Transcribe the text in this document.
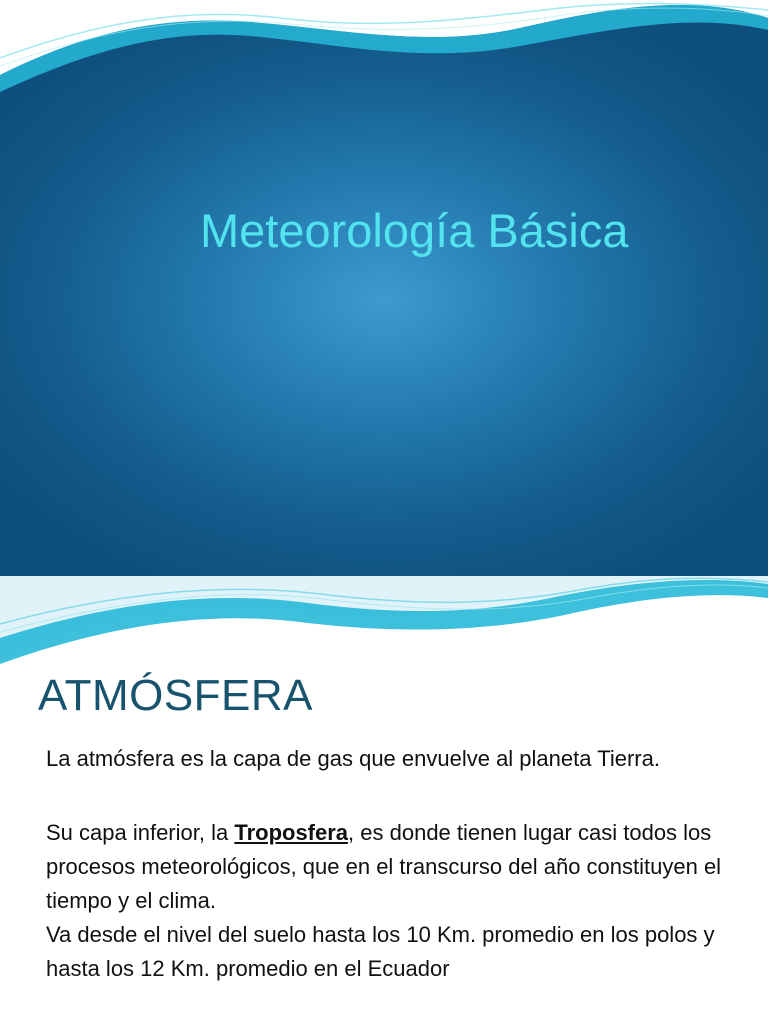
Meteorología Básica
ATMÓSFERA

La atmósfera es la capa de gas que envuelve al planeta Tierra.

Su capa inferior, la Troposfera, es donde tienen lugar casi todos los procesos meteorológicos, que en el transcurso del año constituyen el tiempo y el clima.

Va desde el nivel del suelo hasta los 10 Km. promedio en los polos y hasta los 12 Km. promedio en el Ecuador
